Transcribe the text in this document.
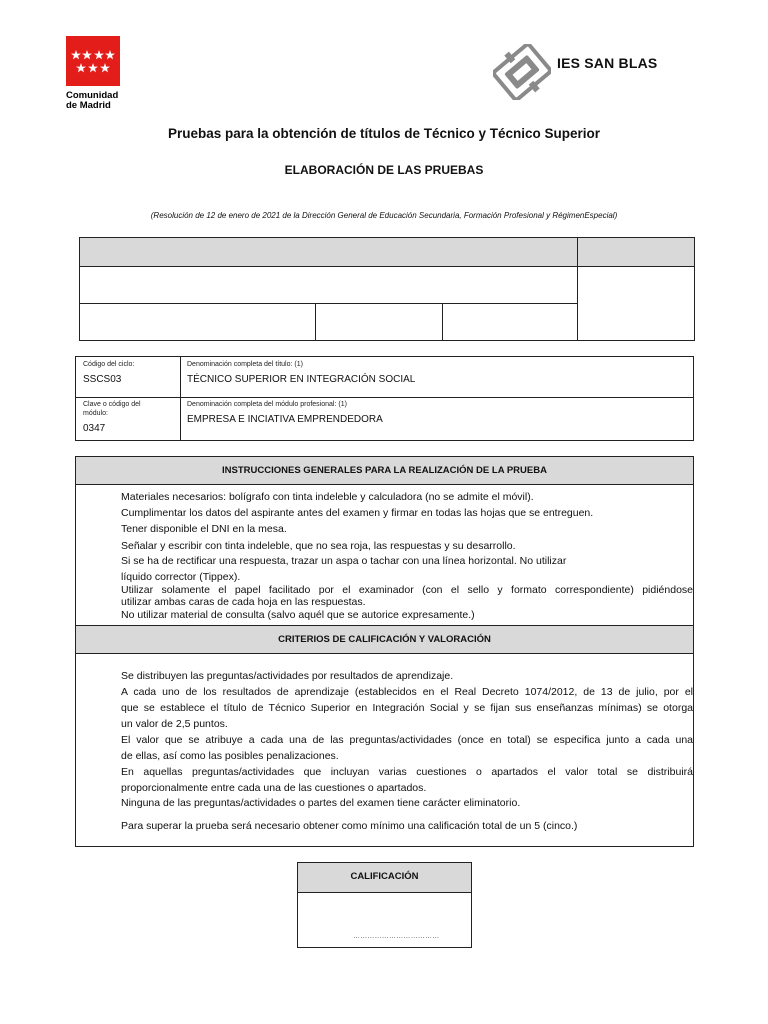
Comunidad
de Madrid
IES SAN BLAS
Pruebas para la obtención de títulos de Técnico y Técnico Superior
ELABORACIÓN DE LAS PRUEBAS
(Resolución de 12 de enero de 2021 de la Dirección General de Educación Secundaria, Formación Profesional y RégimenEspecial)
Código del ciclo:
SSCS03
Denominación completa del título: (1)
TÉCNICO SUPERIOR EN INTEGRACIÓN SOCIAL
Clave o código del
módulo:
0347
Denominación completa del módulo profesional: (1)
EMPRESA E INCIATIVA EMPRENDEDORA
INSTRUCCIONES GENERALES PARA LA REALIZACIÓN DE LA PRUEBA
Materiales necesarios: bolígrafo con tinta indeleble y calculadora (no se admite el móvil).
Cumplimentar los datos del aspirante antes del examen y firmar en todas las hojas que se entreguen.
Tener disponible el DNI en la mesa.
Señalar y escribir con tinta indeleble, que no sea roja, las respuestas y su desarrollo.
Si se ha de rectificar una respuesta, trazar un aspa o tachar con una línea horizontal. No utilizar
líquido corrector (Tippex).
Utilizar solamente el papel facilitado por el examinador (con el sello y formato correspondiente) pidiéndose
utilizar ambas caras de cada hoja en las respuestas.
No utilizar material de consulta (salvo aquél que se autorice expresamente.)
CRITERIOS DE CALIFICACIÓN Y VALORACIÓN
Se distribuyen las preguntas/actividades por resultados de aprendizaje.
A cada uno de los resultados de aprendizaje (establecidos en el Real Decreto 1074/2012, de 13 de julio, por el
que se establece el título de Técnico Superior en Integración Social y se fijan sus enseñanzas mínimas) se otorga
un valor de 2,5 puntos.
El valor que se atribuye a cada una de las preguntas/actividades (once en total) se especifica junto a cada una
de ellas, así como las posibles penalizaciones.
En aquellas preguntas/actividades que incluyan varias cuestiones o apartados el valor total se distribuirá
proporcionalmente entre cada una de las cuestiones o apartados.
Ninguna de las preguntas/actividades o partes del examen tiene carácter eliminatorio.
Para superar la prueba será necesario obtener como mínimo una calificación total de un 5 (cinco.)
CALIFICACIÓN
………………………………
